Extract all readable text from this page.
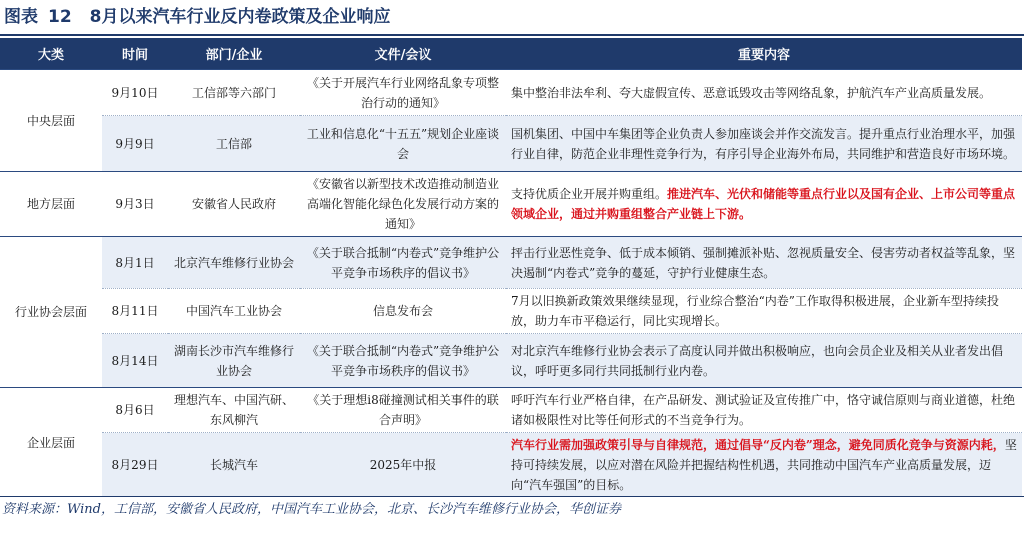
图表 12 8月以来汽车行业反内卷政策及企业响应
大类	时间	部门/企业	文件/会议	重要内容
中央层面	9月10日	工信部等六部门	《关于开展汽车行业网络乱象专项整治行动的通知》	集中整治非法牟利、夸大虚假宣传、恶意诋毁攻击等网络乱象，护航汽车产业高质量发展。
	9月9日	工信部	工业和信息化“十五五”规划企业座谈会	国机集团、中国中车集团等企业负责人参加座谈会并作交流发言。提升重点行业治理水平，加强行业自律，防范企业非理性竞争行为，有序引导企业海外布局，共同维护和营造良好市场环境。
地方层面	9月3日	安徽省人民政府	《安徽省以新型技术改造推动制造业高端化智能化绿色化发展行动方案的通知》	支持优质企业开展并购重组。推进汽车、光伏和储能等重点行业以及国有企业、上市公司等重点领域企业，通过并购重组整合产业链上下游。
行业协会层面	8月1日	北京汽车维修行业协会	《关于联合抵制“内卷式”竞争维护公平竞争市场秩序的倡议书》	抨击行业恶性竞争、低于成本倾销、强制摊派补贴、忽视质量安全、侵害劳动者权益等乱象，坚决遏制“内卷式”竞争的蔓延，守护行业健康生态。
	8月11日	中国汽车工业协会	信息发布会	7月以旧换新政策效果继续显现，行业综合整治“内卷”工作取得积极进展，企业新车型持续投放，助力车市平稳运行，同比实现增长。
	8月14日	湖南长沙市汽车维修行业协会	《关于联合抵制“内卷式”竞争维护公平竞争市场秩序的倡议书》	对北京汽车维修行业协会表示了高度认同并做出积极响应，也向会员企业及相关从业者发出倡议，呼吁更多同行共同抵制行业内卷。
企业层面	8月6日	理想汽车、中国汽研、东风柳汽	《关于理想i8碰撞测试相关事件的联合声明》	呼吁汽车行业严格自律，在产品研发、测试验证及宣传推广中，恪守诚信原则与商业道德，杜绝诸如极限性对比等任何形式的不当竞争行为。
	8月29日	长城汽车	2025年中报	汽车行业需加强政策引导与自律规范，通过倡导“反内卷”理念，避免同质化竞争与资源内耗，坚持可持续发展，以应对潜在风险并把握结构性机遇，共同推动中国汽车产业高质量发展，迈向“汽车强国”的目标。
资料来源：Wind，工信部，安徽省人民政府，中国汽车工业协会，北京、长沙汽车维修行业协会，华创证券
